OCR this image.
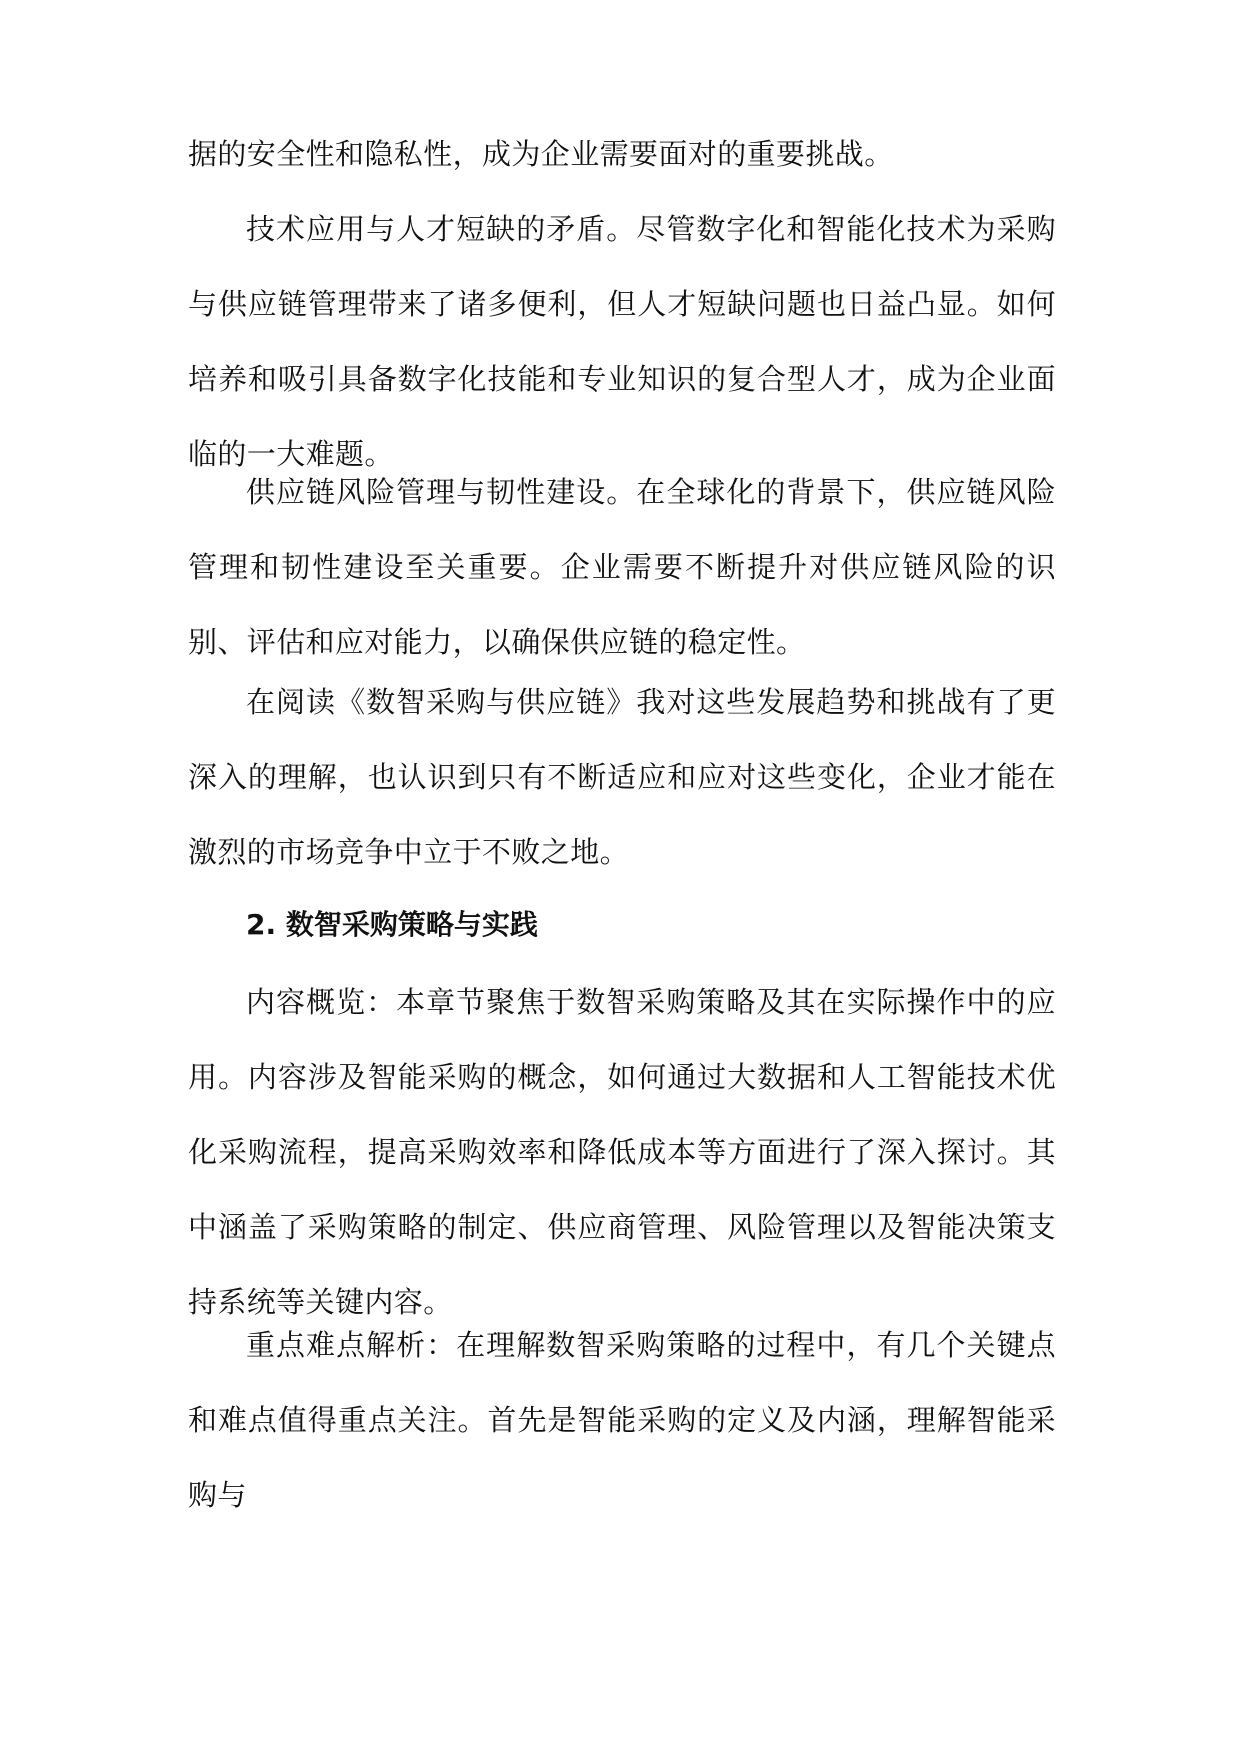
据的安全性和隐私性，成为企业需要面对的重要挑战。

技术应用与人才短缺的矛盾。尽管数字化和智能化技术为采购与供应链管理带来了诸多便利，但人才短缺问题也日益凸显。如何培养和吸引具备数字化技能和专业知识的复合型人才，成为企业面临的一大难题。

供应链风险管理与韧性建设。在全球化的背景下，供应链风险管理和韧性建设至关重要。企业需要不断提升对供应链风险的识别、评估和应对能力，以确保供应链的稳定性。

在阅读《数智采购与供应链》我对这些发展趋势和挑战有了更深入的理解，也认识到只有不断适应和应对这些变化，企业才能在激烈的市场竞争中立于不败之地。

2. 数智采购策略与实践

内容概览：本章节聚焦于数智采购策略及其在实际操作中的应用。内容涉及智能采购的概念，如何通过大数据和人工智能技术优化采购流程，提高采购效率和降低成本等方面进行了深入探讨。其中涵盖了采购策略的制定、供应商管理、风险管理以及智能决策支持系统等关键内容。

重点难点解析：在理解数智采购策略的过程中，有几个关键点和难点值得重点关注。首先是智能采购的定义及内涵，理解智能采购与
